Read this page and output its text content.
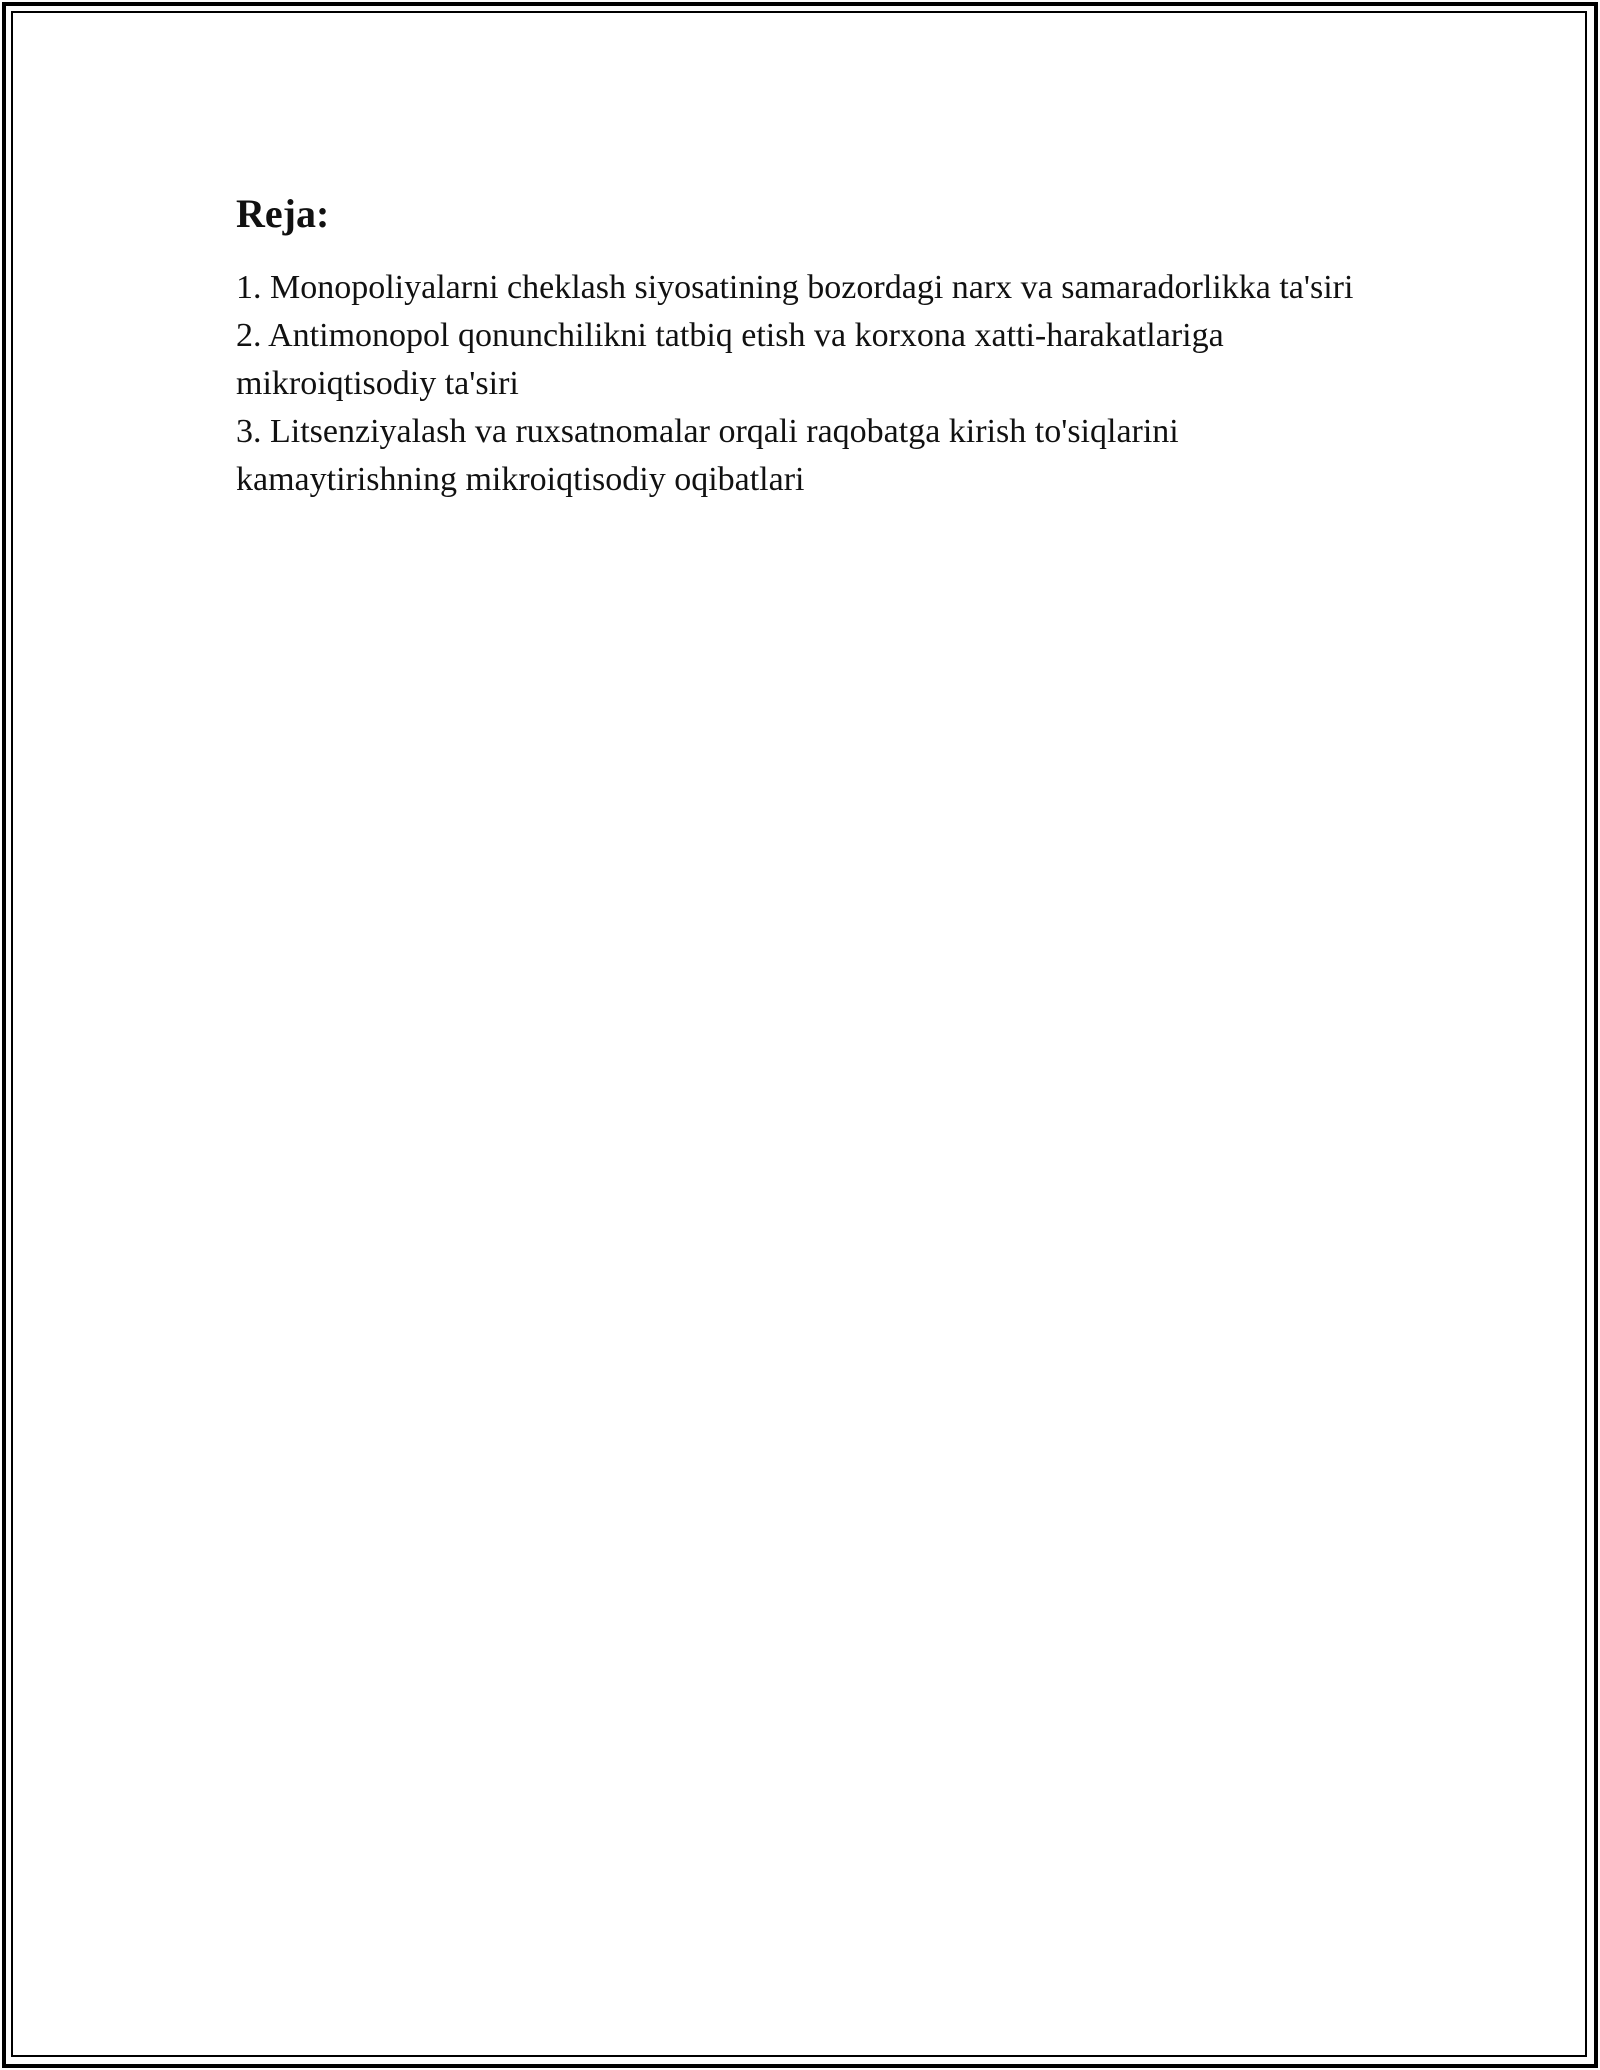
Reja:
1. Monopoliyalarni cheklash siyosatining bozordagi narx va samaradorlikka ta'siri
2. Antimonopol qonunchilikni tatbiq etish va korxona xatti-harakatlariga mikroiqtisodiy ta'siri
3. Litsenziyalash va ruxsatnomalar orqali raqobatga kirish to'siqlarini kamaytirishning mikroiqtisodiy oqibatlari
